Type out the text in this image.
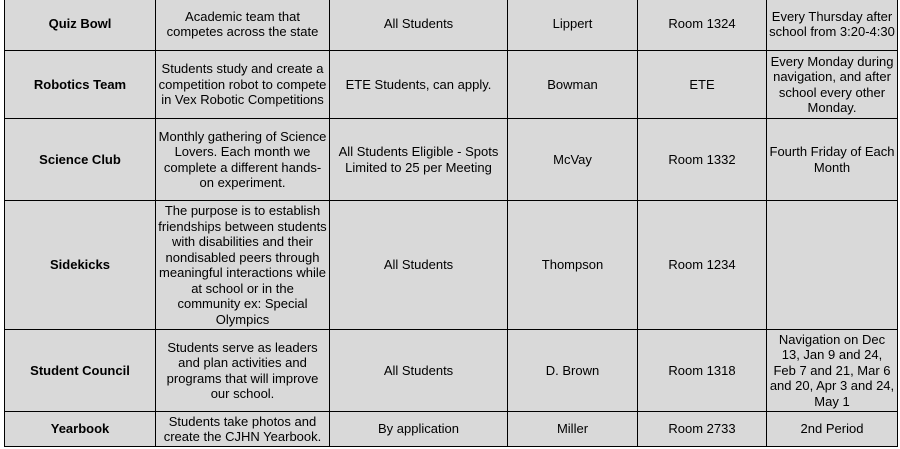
Quiz Bowl	Academic team that competes across the state	All Students	Lippert	Room 1324	Every Thursday after school from 3:20-4:30
Robotics Team	Students study and create a competition robot to compete in Vex Robotic Competitions	ETE Students, can apply.	Bowman	ETE	Every Monday during navigation, and after school every other Monday.
Science Club	Monthly gathering of Science Lovers. Each month we complete a different hands-on experiment.	All Students Eligible - Spots Limited to 25 per Meeting	McVay	Room 1332	Fourth Friday of Each Month
Sidekicks	The purpose is to establish friendships between students with disabilities and their nondisabled peers through meaningful interactions while at school or in the community ex: Special Olympics	All Students	Thompson	Room 1234	
Student Council	Students serve as leaders and plan activities and programs that will improve our school.	All Students	D. Brown	Room 1318	Navigation on Dec 13, Jan 9 and 24, Feb 7 and 21, Mar 6 and 20, Apr 3 and 24, May 1
Yearbook	Students take photos and create the CJHN Yearbook.	By application	Miller	Room 2733	2nd Period
